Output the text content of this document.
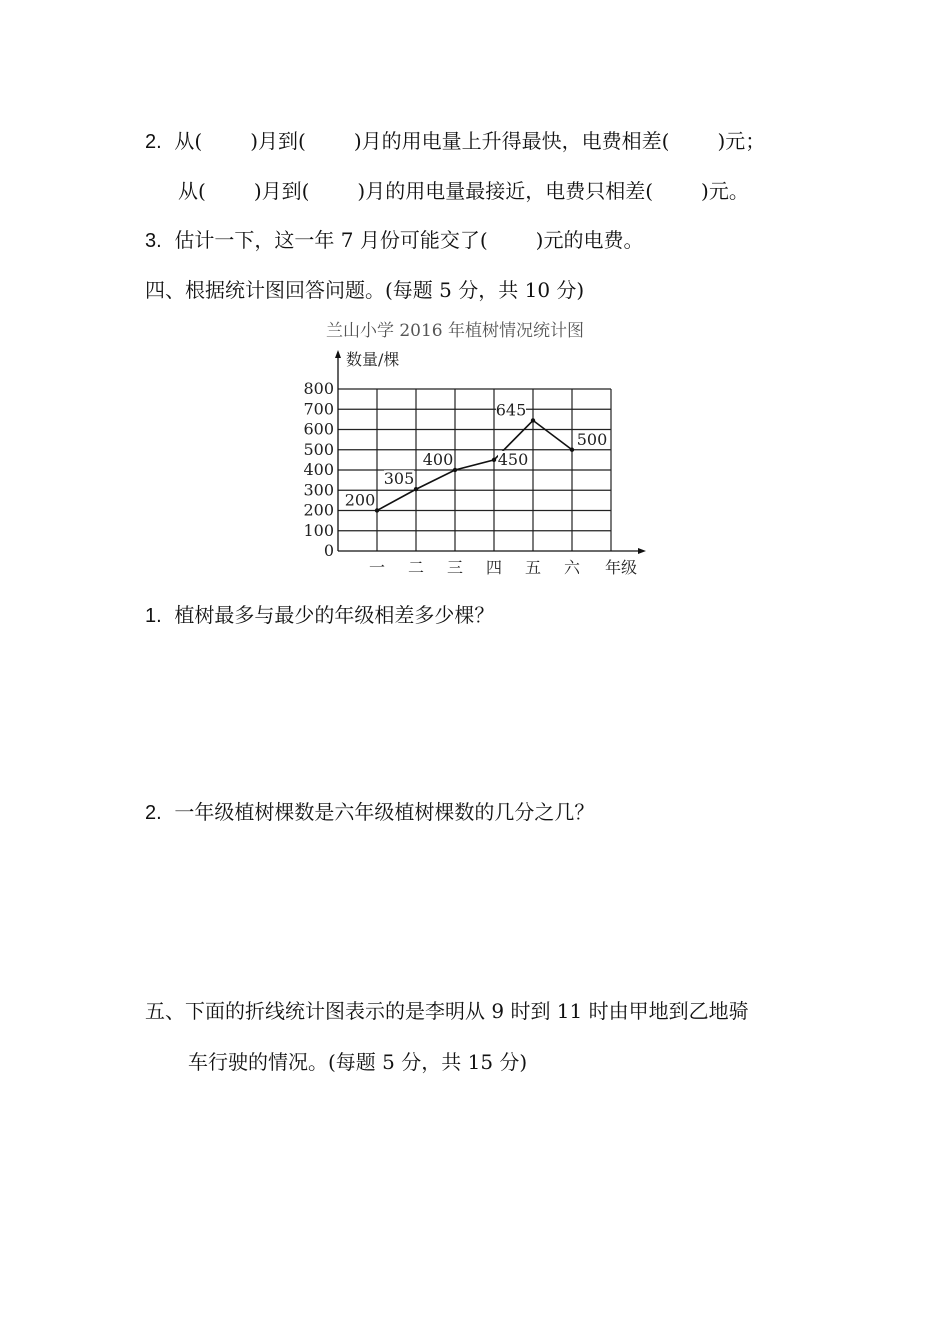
2. 从( )月到( )月的用电量上升得最快，电费相差( )元；
从( )月到( )月的用电量最接近，电费只相差( )元。
3. 估计一下，这一年 7 月份可能交了( )元的电费。
四、根据统计图回答问题。(每题 5 分，共 10 分)
兰山小学 2016 年植树情况统计图
数量/棵
0
100
200
300
400
500
600
700
800
一 二 三 四 五 六
200
305
400	450
645
500
年级
1. 植树最多与最少的年级相差多少棵？
2. 一年级植树棵数是六年级植树棵数的几分之几？
五、下面的折线统计图表示的是李明从 9 时到 11 时由甲地到乙地骑
车行驶的情况。(每题 5 分，共 15 分)
